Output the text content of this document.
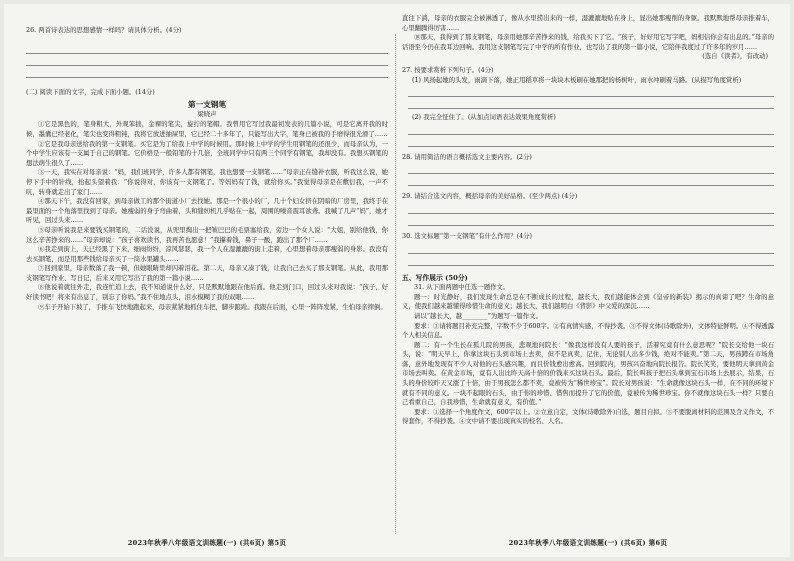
26. 两首诗表达的思想感情一样吗？请具体分析。(4分)

(二) 阅读下面的文字，完成下面小题。(14分)

第一支钢笔

梁晓声

①它是黑色的，笔身粗大，外观笨拙，金裸的笔尖，旋拧的笔帽。我曾用它写过我最初发表的几篇小说，可是它离开我的时候，墨囊已经老化，笔尖也变得粗钝，我将它放进抽屉里，它已经二十多年了，只能写出大字，笔身已被我的手磨得很光滑了……

②它是我母亲送给我的第一支钢笔。买它是为了给我上中学的时候用。那时候上中学的学生用钢笔的还很少，而母亲认为，一个中学生应该有一支属于自己的钢笔。它价格是一般铅笔的十几倍，全班同学中只有两三个同学有钢笔，我却没有。我想买钢笔的想法萌生很久了……

③一天，我实在对母亲说：“妈，我们班同学，许多人都有钢笔，我也想要一支钢笔……”母亲正在缝补衣服，听我这么说，她停下手中的针线，抬起头望着我：“你说得对，你该有一支钢笔了。等妈妈有了钱，就给你买。”我觉得母亲是在敷衍我，一声不吭，转身就走出了家门……

④那天下午，我没有回家，到母亲做工的那个街道小厂去找她。那是一个很小的厂，几十个妇女挤在阴暗的厂房里，我终于在最里面的一个角落里找到了母亲。她瘦弱的身子弯曲着，头和缝纫机几乎贴在一起，周围的噪音震耳欲聋。我喊了几声“妈”，她才听见，回过头来……

⑤母亲听说我是来要钱买钢笔的，二话没说，从兜里掏出一把皱巴巴的毛票塞给我，旁边一个女人说：“大姐，别给他钱，你这么辛苦挣来的……”母亲却说：“孩子喜欢读书，我再苦也愿意！”我攥着钱，鼻子一酸，跑出了那个厂……

⑥我走到街上，天已经黑了下来，细雨纷纷，凉风瑟瑟，我一个人在湿漉漉的街上走着，心里想着母亲那瘦弱的身影。我没有去买钢笔，而是用那些钱给母亲买了一筒水果罐头……

⑦回到家里，母亲数落了我一顿，但她眼睛里却闪着泪花。第二天，母亲又凑了钱，让我自己去买了那支钢笔。从此，我用那支钢笔写作业、写日记，后来又用它写出了我的第一篇小说……

⑧他说着就往外走，我连忙追上去，我不知道说什么好，只是默默地跟在他后面。他走到门口，回过头来对我说：“孩子，好好读书吧！将来有出息了，别忘了你妈。”我不住地点头，泪水模糊了我的双眼……

⑨车子开始下坡了，手推车飞快地跑起来，母亲紧紧地抓住车把，脚步踉跄。我跟在后面，心里一阵阵发紧，生怕母亲摔倒。

2023年秋季八年级语文训练题(一) (共6页) 第5页

直往下淌，母亲的衣服完全被淋透了，像从水里捞出来的一样，湿漉漉地贴在身上，显出她那瘦削的身躯。我默默地帮母亲推着车，心里翻腾得厉害……

⑩那天，我得到了那支钢笔，母亲用她那辛苦挣来的钱，给我买下了它。“孩子，好好用它写字吧，妈相信你会有出息的。”母亲的话语至今仍在我耳边回响。我用这支钢笔写完了中学的所有作业，也写出了我的第一篇小说，它陪伴我度过了许多年的岁月……

(选自《读者》，有改动)

27. 按要求赏析下列句子。(4分)

(1) 风扬起她的头发，雨滴下落，她正用稻草将一块块木板刷在她那把的杨树叶，雨水冲刷着马路。(从描写角度赏析)

(2) 我完全怔住了。(从加点词语表达效果角度赏析)

28. 请用简洁的语言概括选文主要内容。(2分)

29. 请结合选文内容，概括母亲的美好品格。(至少两点) (4分)

30. 选文标题“第一支钢笔”有什么作用？(4分)

五、写作展示 (50分)

31. 从下面两题中任选一题作文。

题一：时光静好，我们发现生命总是在不断成长的过程，越长大，我们越能体会到《皇帝的新装》揭示的真谛了吧？生命的意义，使我们越来越懂得珍惜生命的意义；越长大，我们越明白《背影》中父爱的深沉……

请以“越长大，越________”为题写一篇作文。

要求：①请将题目补充完整，字数不少于600字。②有真情实感，不得抄袭。③不得文体(诗歌除外)，文体特征鲜明。④不得透露个人相关信息。

题二：有一个生长在孤儿院的男孩，悲观地问院长：“像我这样没有人要的孩子，活着究竟有什么意思呢？”院长交给他一块石头，说：“明天早上，你拿这块石头到市场上去卖，但不是真卖，记住，无论别人出多少钱，绝对不能卖。”第二天，男孩蹲在市场角落，意外地发现有不少人对他的石头感兴趣，而且价钱愈出愈高。回到院内，男孩兴奋地向院长报告。院长笑笑，要他明天拿到黄金市场去叫卖。在黄金市场，竟有人出比昨天高十倍的价钱来买这块石头。最后，院长叫孩子把石头拿到宝石市场上去展示，结果，石头的身价较昨天又涨了十倍，由于男孩怎么都不卖，竟被传为“稀世珍宝”。院长对男孩说：“生命就像这块石头一样，在不同的环境下就有不同的意义。一块不起眼的石头，由于你的珍惜、惜售而提升了它的价值，竟被传为稀世珍宝。你不就像这块石头一样？只要自己看重自己，自我珍惜，生命就有意义，有价值。”

要求：①选择一个角度作文，600字以上。②立意自定，文体(诗歌除外)自选，题目自拟。③不要脱离材料的范围及含义作文，不得套作，不得抄袭。④文中请不要出现真实的校名、人名。

2023年秋季八年级语文训练题(一) (共6页) 第6页
